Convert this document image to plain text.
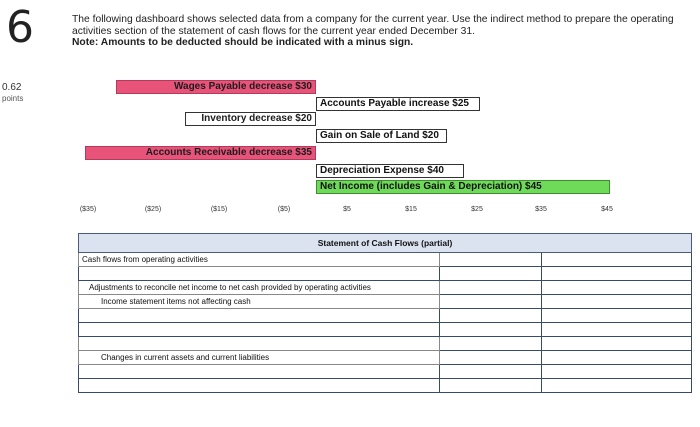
6
0.62
points
The following dashboard shows selected data from a company for the current year. Use the indirect method to prepare the operating
activities section of the statement of cash flows for the current year ended December 31.
Note: Amounts to be deducted should be indicated with a minus sign.
Wages Payable decrease $30
Accounts Payable increase $25
Inventory decrease $20
Gain on Sale of Land $20
Accounts Receivable decrease $35
Depreciation Expense $40
Net Income (includes Gain & Depreciation) $45
($35)	($25)	($15)	($5)	$5	$15	$25	$35	$45
Statement of Cash Flows (partial)		
Cash flows from operating activities		

Adjustments to reconcile net income to net cash provided by operating activities		
Income statement items not affecting cash		

Changes in current assets and current liabilities		
